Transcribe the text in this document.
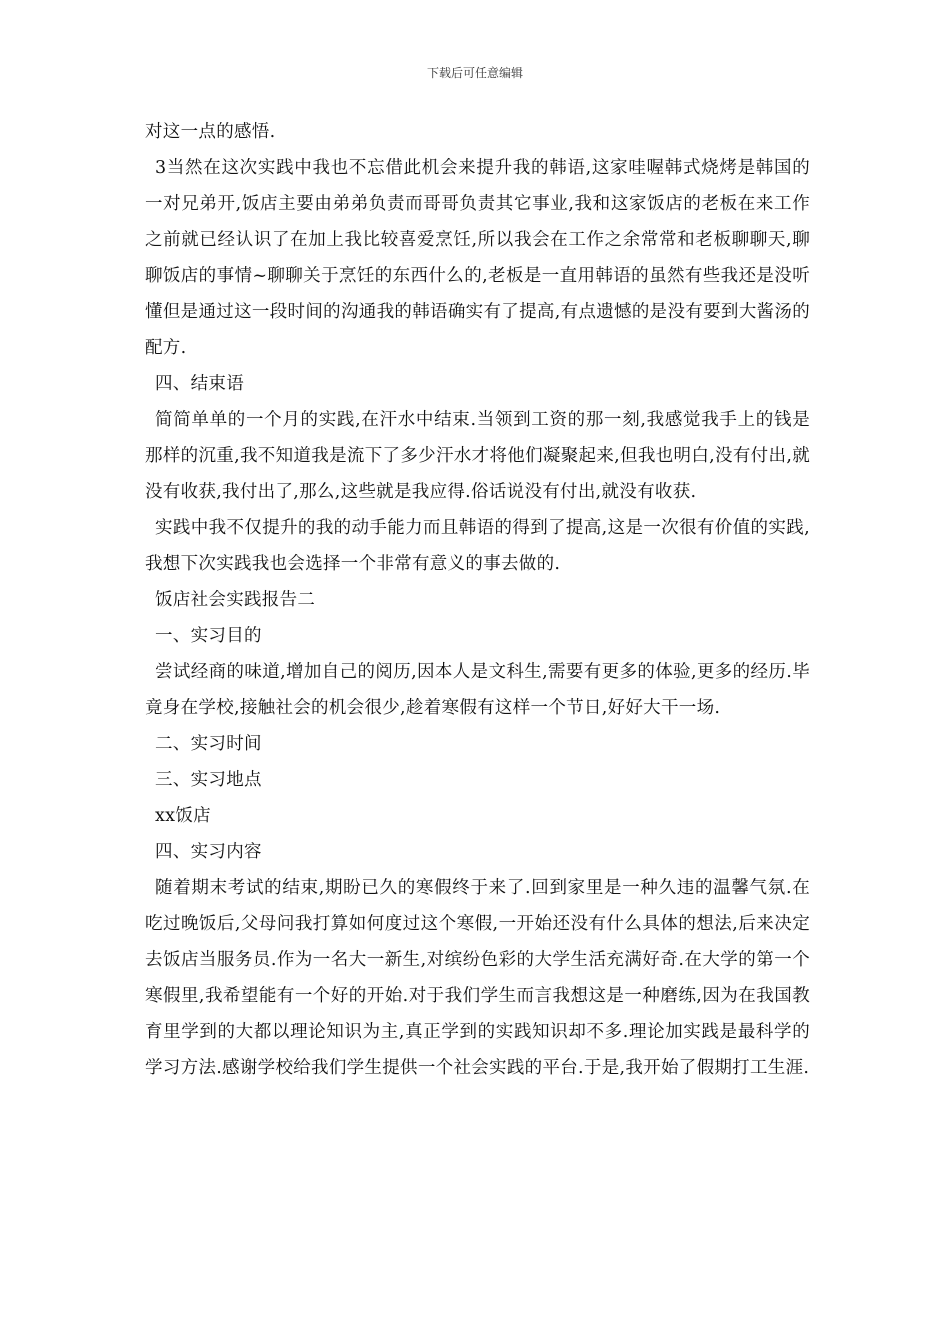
下载后可任意编辑

对这一点的感悟.

3当然在这次实践中我也不忘借此机会来提升我的韩语,这家哇喔韩式烧烤是韩国的一对兄弟开,饭店主要由弟弟负责而哥哥负责其它事业,我和这家饭店的老板在来工作之前就已经认识了在加上我比较喜爱烹饪,所以我会在工作之余常常和老板聊聊天,聊聊饭店的事情~聊聊关于烹饪的东西什么的,老板是一直用韩语的虽然有些我还是没听懂但是通过这一段时间的沟通我的韩语确实有了提高,有点遗憾的是没有要到大酱汤的配方.

四、结束语

简简单单的一个月的实践,在汗水中结束.当领到工资的那一刻,我感觉我手上的钱是那样的沉重,我不知道我是流下了多少汗水才将他们凝聚起来,但我也明白,没有付出,就没有收获,我付出了,那么,这些就是我应得.俗话说没有付出,就没有收获.

实践中我不仅提升的我的动手能力而且韩语的得到了提高,这是一次很有价值的实践,我想下次实践我也会选择一个非常有意义的事去做的.

饭店社会实践报告二

一、实习目的

尝试经商的味道,增加自己的阅历,因本人是文科生,需要有更多的体验,更多的经历.毕竟身在学校,接触社会的机会很少,趁着寒假有这样一个节日,好好大干一场.

二、实习时间

三、实习地点

xx饭店

四、实习内容

随着期末考试的结束,期盼已久的寒假终于来了.回到家里是一种久违的温馨气氛.在吃过晚饭后,父母问我打算如何度过这个寒假,一开始还没有什么具体的想法,后来决定去饭店当服务员.作为一名大一新生,对缤纷色彩的大学生活充满好奇.在大学的第一个寒假里,我希望能有一个好的开始.对于我们学生而言我想这是一种磨练,因为在我国教育里学到的大都以理论知识为主,真正学到的实践知识却不多.理论加实践是最科学的学习方法.感谢学校给我们学生提供一个社会实践的平台.于是,我开始了假期打工生涯.
